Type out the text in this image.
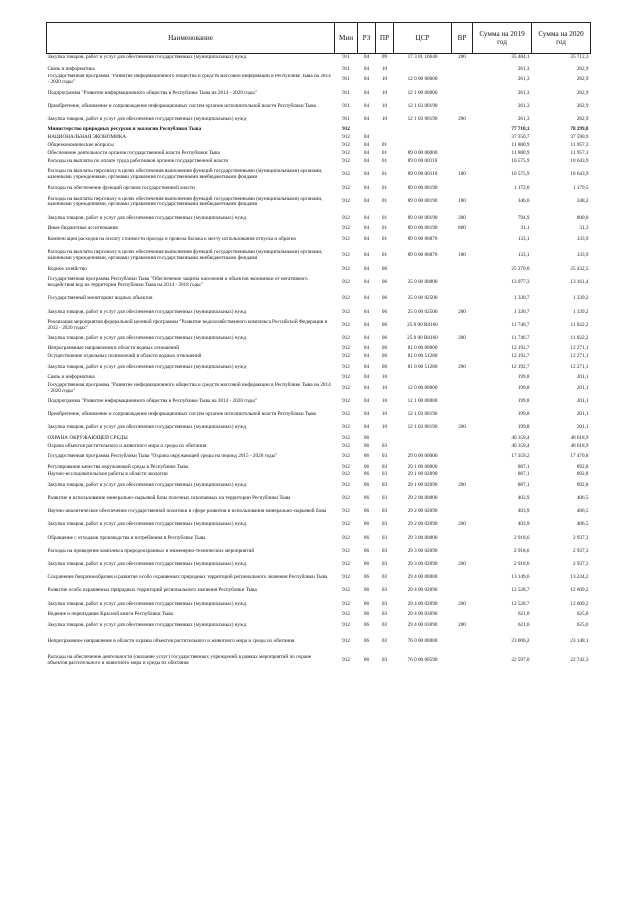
Наименование	Мин	РЗ	ПР	ЦСР	ВР	Сумма на 2019 год	Сумма на 2020 год
Закупка товаров, работ и услуг для обеспечения государственных (муниципальных) нужд	911	04	09	17 3 01 10640	200	35 484,1	35 712,3

Связь и информатика	911	04	10			261,3	262,9
Государственная программа "Развитие информационного общества и средств массовой информации в Республике Тыва на 2014 - 2020 годы"	911	04	10	12 0 00 00000		261,3	262,9
Подпрограмма "Развитие информационного общества в Республике Тыва на 2014 - 2020 годы"	911	04	10	12 1 00 00000		261,3	262,9
Приобретение, обновление и сопровождение информационных систем органов исполнительной власти Республики Тыва	911	04	10	12 1 03 00190		261,3	262,9
Закупка товаров, работ и услуг для обеспечения государственных (муниципальных) нужд	911	04	10	12 1 03 00190	200	261,3	262,9
Министерство природных ресурсов и экологии Республики Тыва	912					77 710,1	78 299,8
НАЦИОНАЛЬНАЯ ЭКОНОМИКА	912	04				37 350,7	37 590,9
Общеэкономические вопросы	912	04	01			11 880,9	11 957,3
Обеспечение деятельности органов государственной власти Республики Тыва	912	04	01	89 0 00 00000		11 880,9	11 957,3
Расходы на выплаты по оплате труда работников органов государственной власти	912	04	01	89 0 00 00110		10 575,9	10 643,9
Расходы на выплаты персоналу в целях обеспечения выполнения функций государственными (муниципальными) органами, казенными учреждениями, органами управления государственными внебюджетными фондами	912	04	01	89 0 00 00110	100	10 575,9	10 643,9
Расходы на обеспечение функций органов государственной власти	912	04	01	89 0 00 00190		1 172,0	1 179,5
Расходы на выплаты персоналу в целях обеспечения выполнения функций государственными (муниципальными) органами, казенными учреждениями, органами управления государственными внебюджетными фондами	912	04	01	89 0 00 00190	100	346,0	348,2
Закупка товаров, работ и услуг для обеспечения государственных (муниципальных) нужд	912	04	01	89 0 00 00190	200	794,9	800,0
Иные бюджетные ассигнования	912	04	01	89 0 00 00190	800	31,1	31,3
Компенсация расходов на оплату стоимости проезда и провоза багажа к месту использования отпуска и обратно	912	04	01	89 0 00 00870		133,1	133,9
Расходы на выплаты персоналу в целях обеспечения выполнения функций государственными (муниципальными) органами, казенными учреждениями, органами управления государственными внебюджетными фондами	912	04	01	89 0 00 00870	100	133,1	133,9
Водное хозяйство	912	04	06			25 270,0	25 432,5
Государственная программа Республики Тыва "Обеспечение защиты населения и объектов экономики от негативного воздействия вод на территории Республики Тыва на 2014 - 2018 годы"	912	04	06	25 0 00 00000		13 077,3	13 161,4
Государственный мониторинг водных объектов	912	04	06	25 0 00 02500		1 330,7	1 339,2
Закупка товаров, работ и услуг для обеспечения государственных (муниципальных) нужд	912	04	06	25 0 00 02500	200	1 330,7	1 339,2
Реализация мероприятия федеральной целевой программы "Развитие водохозяйственного комплекса Российской Федерации в 2012 - 2020 годах"	912	04	06	25 0 00 R0160		11 746,7	11 822,2
Закупка товаров, работ и услуг для обеспечения государственных (муниципальных) нужд	912	04	06	25 0 00 R0160	200	11 746,7	11 822,2
Непрограммные направления в области водных отношений	912	04	06	81 0 00 00000		12 192,7	12 271,1
Осуществление отдельных полномочий в области водных отношений	912	04	06	81 0 00 51280		12 192,7	12 271,1
Закупка товаров, работ и услуг для обеспечения государственных (муниципальных) нужд	912	04	06	81 0 00 51280	200	12 192,7	12 271,1
Связь и информатика	912	04	10			199,8	201,1
Государственная программа "Развитие информационного общества и средств массовой информации в Республике Тыва на 2014 - 2020 годы"	912	04	10	12 0 00 00000		199,8	201,1
Подпрограмма "Развитие информационного общества в Республике Тыва на 2014 - 2020 годы"	912	04	10	12 1 00 00000		199,8	201,1
Приобретение, обновление и сопровождение информационных систем органов исполнительной власти Республики Тыва	912	04	10	12 1 03 00190		199,8	201,1
Закупка товаров, работ и услуг для обеспечения государственных (муниципальных) нужд	912	04	10	12 1 03 00190	200	199,8	201,1
ОХРАНА ОКРУЖАЮЩЕЙ СРЕДЫ	912	06				40 359,4	40 618,9
Охрана объектов растительного и животного мира и среды их обитания	912	06	03			40 359,4	40 618,9
Государственная программа Республики Тыва "Охрана окружающей среды на период 2015 - 2020 годы"	912	06	03	29 0 00 00000		17 359,2	17 470,8
Регулирование качества окружающей среды в Республике Тыва	912	06	03	29 1 00 00000		887,1	892,8
Научно-исследовательские работы в области экологии	912	06	03	29 1 00 02090		887,1	892,8
Закупка товаров, работ и услуг для обеспечения государственных (муниципальных) нужд	912	06	03	29 1 00 02090	200	887,1	892,8
Развитие и использование минерально-сырьевой базы полезных ископаемых на территории Республики Тыва	912	06	03	29 2 00 00000		403,9	406,5
Научно-аналитическое обеспечение государственной политики в сфере развития и использования минерально-сырьевой базы	912	06	03	29 2 00 02090		403,9	406,5
Закупка товаров, работ и услуг для обеспечения государственных (муниципальных) нужд	912	06	03	29 2 00 02090	200	403,9	406,5
Обращение с отходами производства и потребления в Республике Тыва	912	06	03	29 3 00 00000		2 918,6	2 937,3
Расходы на проведение комплекса природоохранных и инженерно-технических мероприятий	912	06	03	29 3 00 02090		2 918,6	2 937,3
Закупка товаров, работ и услуг для обеспечения государственных (муниципальных) нужд	912	06	03	29 3 00 02090	200	2 918,6	2 937,3
Сохранение биоразнообразия и развитие особо охраняемых природных территорий регионального значения Республики Тыва	912	06	03	29 4 00 00000		13 149,6	13 234,2
Развитие особо охраняемых природных территорий регионального значения Республики Тыва	912	06	03	29 4 00 02090		12 528,7	12 609,2
Закупка товаров, работ и услуг для обеспечения государственных (муниципальных) нужд	912	06	03	29 4 00 02090	200	12 528,7	12 609,2
Ведение и переиздание Красной книги Республики Тыва	912	06	03	29 4 00 03090		621,0	625,0
Закупка товаров, работ и услуг для обеспечения государственных (муниципальных) нужд	912	06	03	29 4 00 03090	200	621,0	625,0
Непрограммное направление в области охраны объектов растительного и животного мира и среды их обитания	912	06	03	76 0 00 00000		23 000,2	23 148,1
Расходы на обеспечение деятельности (оказание услуг) государственных учреждений в рамках мероприятий по охране объектов растительного и животного мира и среды их обитания	912	06	03	76 0 00 00590		22 597,0	22 742,3
